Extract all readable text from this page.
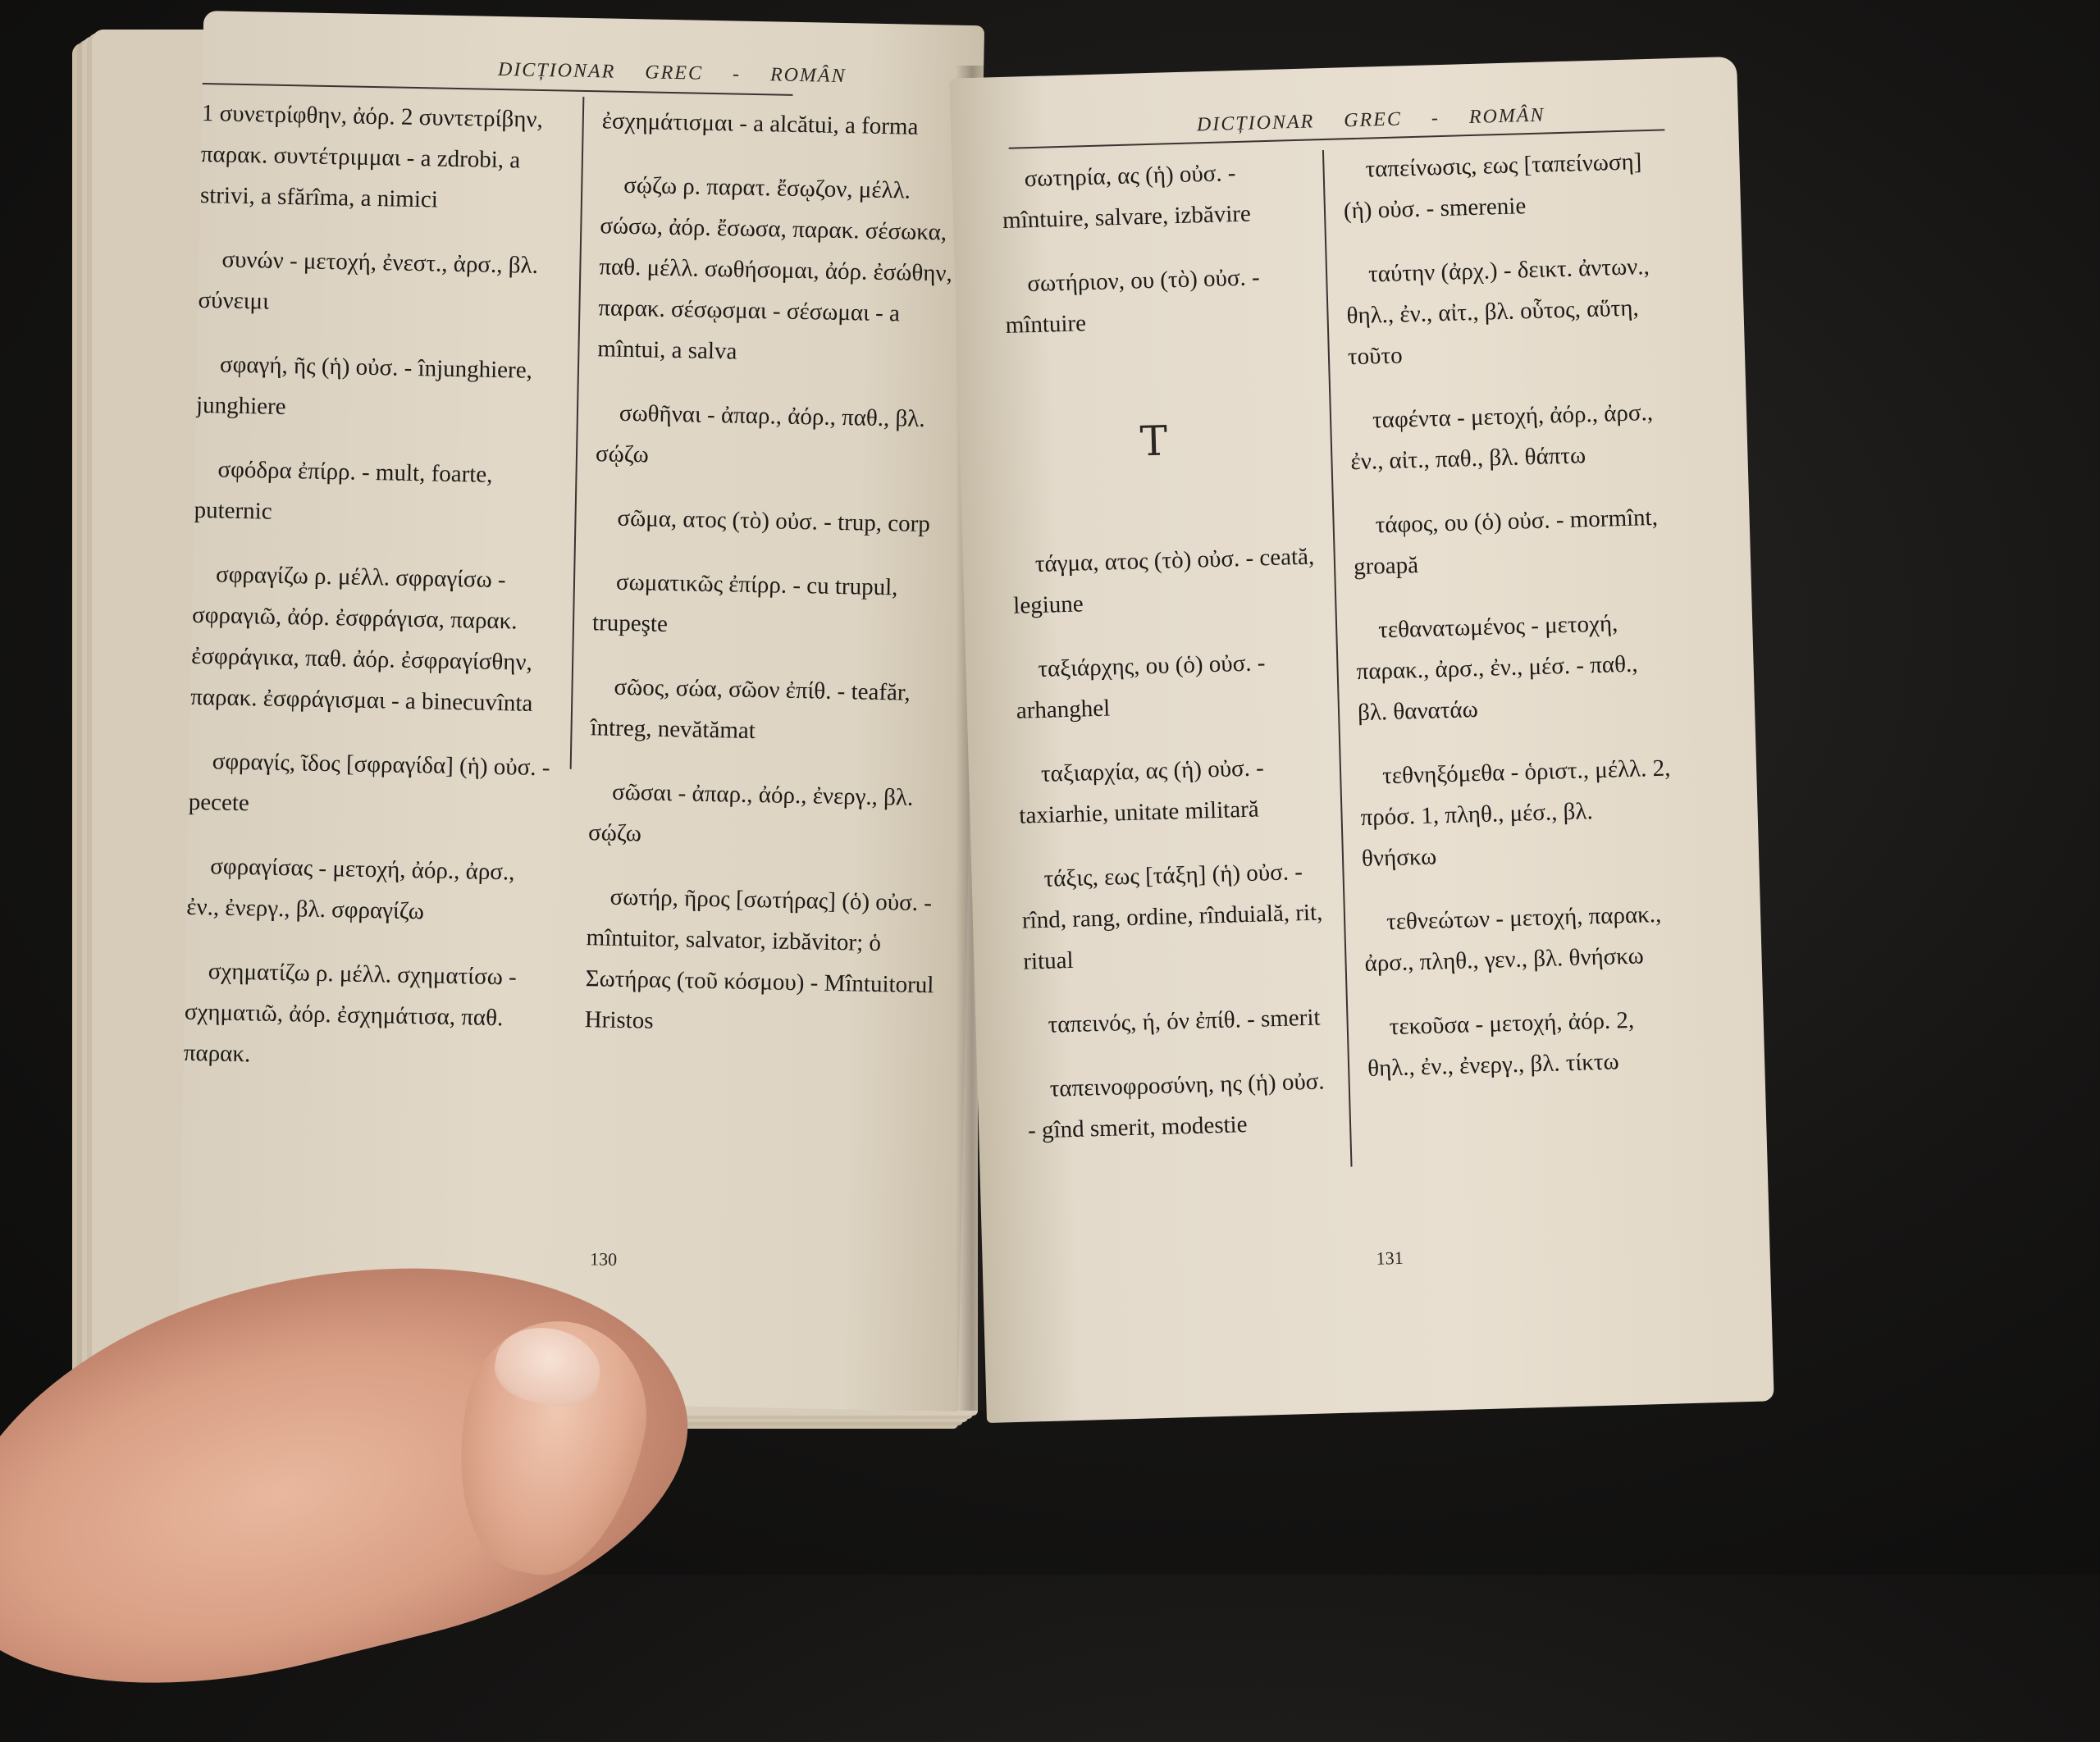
DICȚIONAR GREC - ROMÂN
1 συνετρίφθην, ἀόρ. 2 συντετρίβην, παρακ. συντέτριμμαι - a zdrobi, a strivi, a sfărîma, a nimici
συνών - μετοχή, ἐνεστ., ἀρσ., βλ. σύνειμι
σφαγή, ῆς (ἡ) οὐσ. - înjunghiere, junghiere
σφόδρα ἐπίρρ. - mult, foarte, puternic
σφραγίζω ρ. μέλλ. σφραγίσω - σφραγιῶ, ἀόρ. ἐσφράγισα, παρακ. ἐσφράγικα, παθ. ἀόρ. ἐσφραγίσθην, παρακ. ἐσφράγισμαι - a binecuvînta
σφραγίς, ῖδος [σφραγίδα] (ἡ) οὐσ. - pecete
σφραγίσας - μετοχή, ἀόρ., ἀρσ., ἐν., ἐνεργ., βλ. σφραγίζω
σχηματίζω ρ. μέλλ. σχηματίσω - σχηματιῶ, ἀόρ. ἐσχημάτισα, παθ. παρακ.
ἐσχημάτισμαι - a alcătui, a forma
σῴζω ρ. παρατ. ἔσῳζον, μέλλ. σώσω, ἀόρ. ἔσωσα, παρακ. σέσωκα, παθ. μέλλ. σωθήσομαι, ἀόρ. ἐσώθην, παρακ. σέσῳσμαι - σέσωμαι - a mîntui, a salva
σωθῆναι - ἀπαρ., ἀόρ., παθ., βλ. σῴζω
σῶμα, ατος (τὸ) οὐσ. - trup, corp
σωματικῶς ἐπίρρ. - cu trupul, trupeşte
σῶος, σώα, σῶον ἐπίθ. - teafăr, întreg, nevătămat
σῶσαι - ἀπαρ., ἀόρ., ἐνεργ., βλ. σῴζω
σωτήρ, ῆρος [σωτήρας] (ὁ) οὐσ. - mîntuitor, salvator, izbăvitor; ὁ Σωτήρας (τοῦ κόσμου) - Mîntuitorul Hristos
130
DICȚIONAR GREC - ROMÂN
σωτηρία, ας (ἡ) οὐσ. - mîntuire, salvare, izbăvire
σωτήριον, ου (τὸ) οὐσ. - mîntuire
T
τάγμα, ατος (τὸ) οὐσ. - ceată, legiune
ταξιάρχης, ου (ὁ) οὐσ. - arhanghel
ταξιαρχία, ας (ἡ) οὐσ. - taxiarhie, unitate militară
τάξις, εως [τάξη] (ἡ) οὐσ. - rînd, rang, ordine, rînduială, rit, ritual
ταπεινός, ή, όν ἐπίθ. - smerit
ταπεινοφροσύνη, ης (ἡ) οὐσ. - gînd smerit, modestie
ταπείνωσις, εως [ταπείνωση] (ἡ) οὐσ. - smerenie
ταύτην (ἀρχ.) - δεικτ. ἀντων., θηλ., ἐν., αἰτ., βλ. οὗτος, αὕτη, τοῦτο
ταφέντα - μετοχή, ἀόρ., ἀρσ., ἐν., αἰτ., παθ., βλ. θάπτω
τάφος, ου (ὁ) οὐσ. - mormînt, groapă
τεθανατωμένος - μετοχή, παρακ., ἀρσ., ἐν., μέσ. - παθ., βλ. θανατάω
τεθνηξόμεθα - ὁριστ., μέλλ. 2, πρόσ. 1, πληθ., μέσ., βλ. θνήσκω
τεθνεώτων - μετοχή, παρακ., ἀρσ., πληθ., γεν., βλ. θνήσκω
τεκοῦσα - μετοχή, ἀόρ. 2, θηλ., ἐν., ἐνεργ., βλ. τίκτω
131
